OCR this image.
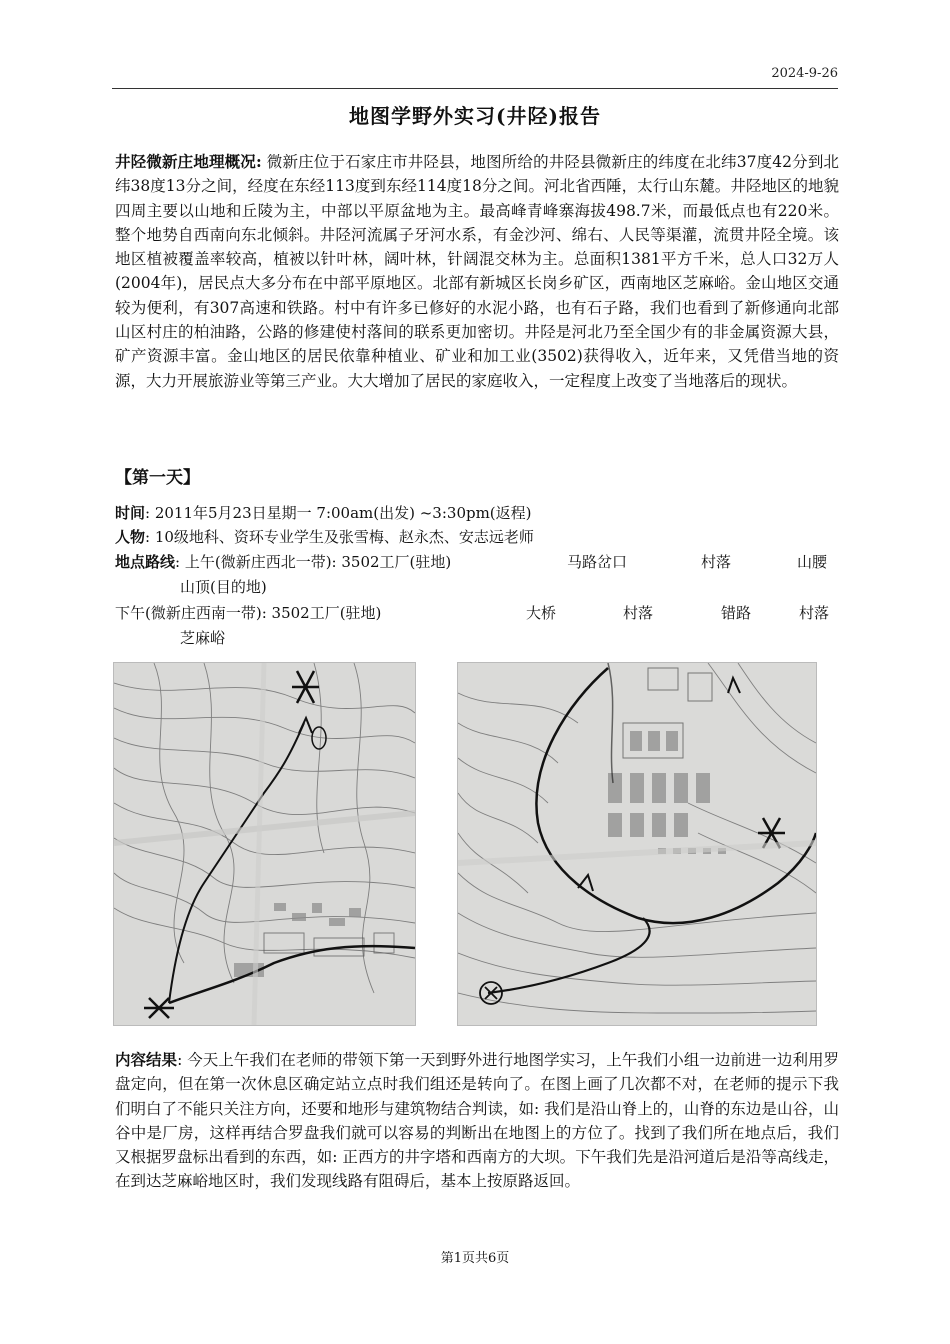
2024-9-26
地图学野外实习(井陉)报告

井陉微新庄地理概况: 微新庄位于石家庄市井陉县，地图所给的井陉县微新庄的纬度在北纬37度42分到北纬38度13分之间，经度在东经113度到东经114度18分之间。河北省西陲，太行山东麓。井陉地区的地貌四周主要以山地和丘陵为主，中部以平原盆地为主。最高峰青峰寨海拔498.7米，而最低点也有220米。整个地势自西南向东北倾斜。井陉河流属子牙河水系，有金沙河、绵右、人民等渠灌，流贯井陉全境。该地区植被覆盖率较高，植被以针叶林，阔叶林，针阔混交林为主。总面积1381平方千米，总人口32万人(2004年)，居民点大多分布在中部平原地区。北部有新城区长岗乡矿区，西南地区芝麻峪。金山地区交通较为便利，有307高速和铁路。村中有许多已修好的水泥小路，也有石子路，我们也看到了新修通向北部山区村庄的柏油路，公路的修建使村落间的联系更加密切。井陉是河北乃至全国少有的非金属资源大县，矿产资源丰富。金山地区的居民依靠种植业、矿业和加工业(3502)获得收入，近年来，又凭借当地的资源，大力开展旅游业等第三产业。大大增加了居民的家庭收入，一定程度上改变了当地落后的现状。

【第一天】
时间: 2011年5月23日星期一 7:00am(出发) ~3:30pm(返程)
人物: 10级地科、资环专业学生及张雪梅、赵永杰、安志远老师
地点路线: 上午(微新庄西北一带): 3502工厂(驻地)	马路岔口	村落	山腰
山顶(目的地)
下午(微新庄西南一带): 3502工厂(驻地)	大桥	村落	错路	村落
芝麻峪

内容结果: 今天上午我们在老师的带领下第一天到野外进行地图学实习，上午我们小组一边前进一边利用罗盘定向，但在第一次休息区确定站立点时我们组还是转向了。在图上画了几次都不对，在老师的提示下我们明白了不能只关注方向，还要和地形与建筑物结合判读，如: 我们是沿山脊上的，山脊的东边是山谷，山谷中是厂房，这样再结合罗盘我们就可以容易的判断出在地图上的方位了。找到了我们所在地点后，我们又根据罗盘标出看到的东西，如: 正西方的井字塔和西南方的大坝。下午我们先是沿河道后是沿等高线走，在到达芝麻峪地区时，我们发现线路有阻碍后，基本上按原路返回。

第1页共6页
